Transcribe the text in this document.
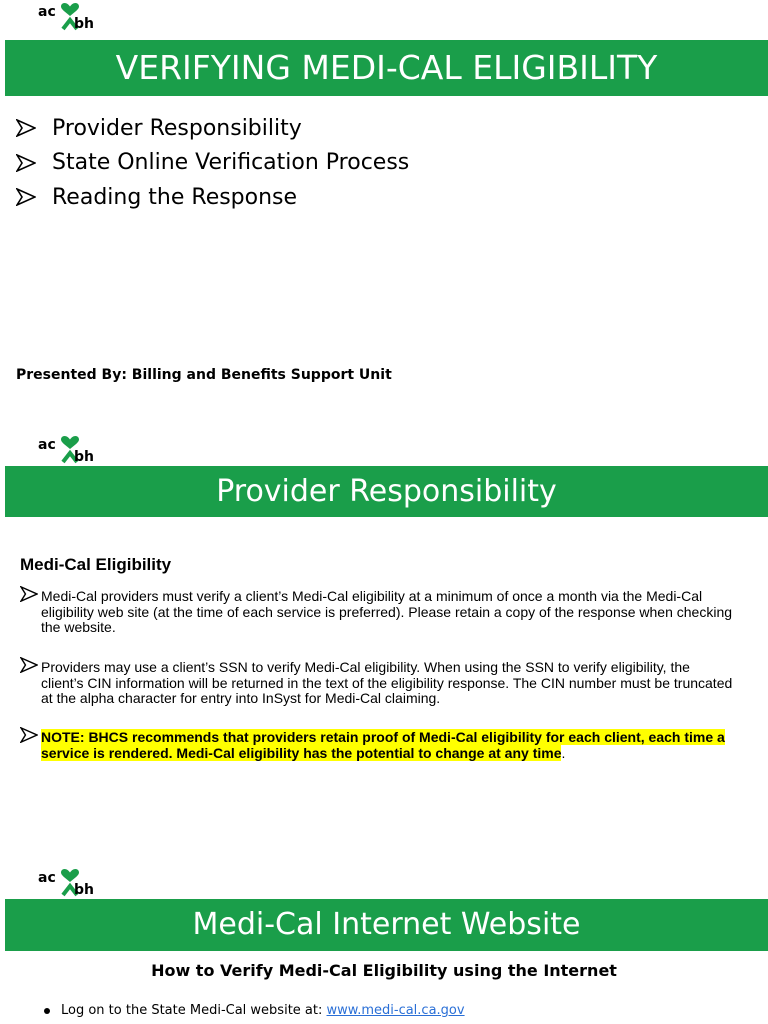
ac
bh
VERIFYING MEDI-CAL ELIGIBILITY
Provider Responsibility
State Online Verification Process
Reading the Response
Presented By: Billing and Benefits Support Unit
ac
bh
Provider Responsibility
Medi-Cal Eligibility
Medi-Cal providers must verify a client’s Medi-Cal eligibility at a minimum of once a month via the Medi-Cal eligibility web site (at the time of each service is preferred). Please retain a copy of the response when checking the website.
Providers may use a client’s SSN to verify Medi-Cal eligibility. When using the SSN to verify eligibility, the client’s CIN information will be returned in the text of the eligibility response. The CIN number must be truncated at the alpha character for entry into InSyst for Medi-Cal claiming.
NOTE: BHCS recommends that providers retain proof of Medi-Cal eligibility for each client, each time a service is rendered. Medi-Cal eligibility has the potential to change at any time.
ac
bh
Medi-Cal Internet Website
How to Verify Medi-Cal Eligibility using the Internet
Log on to the State Medi-Cal website at:
www.medi-cal.ca.gov
